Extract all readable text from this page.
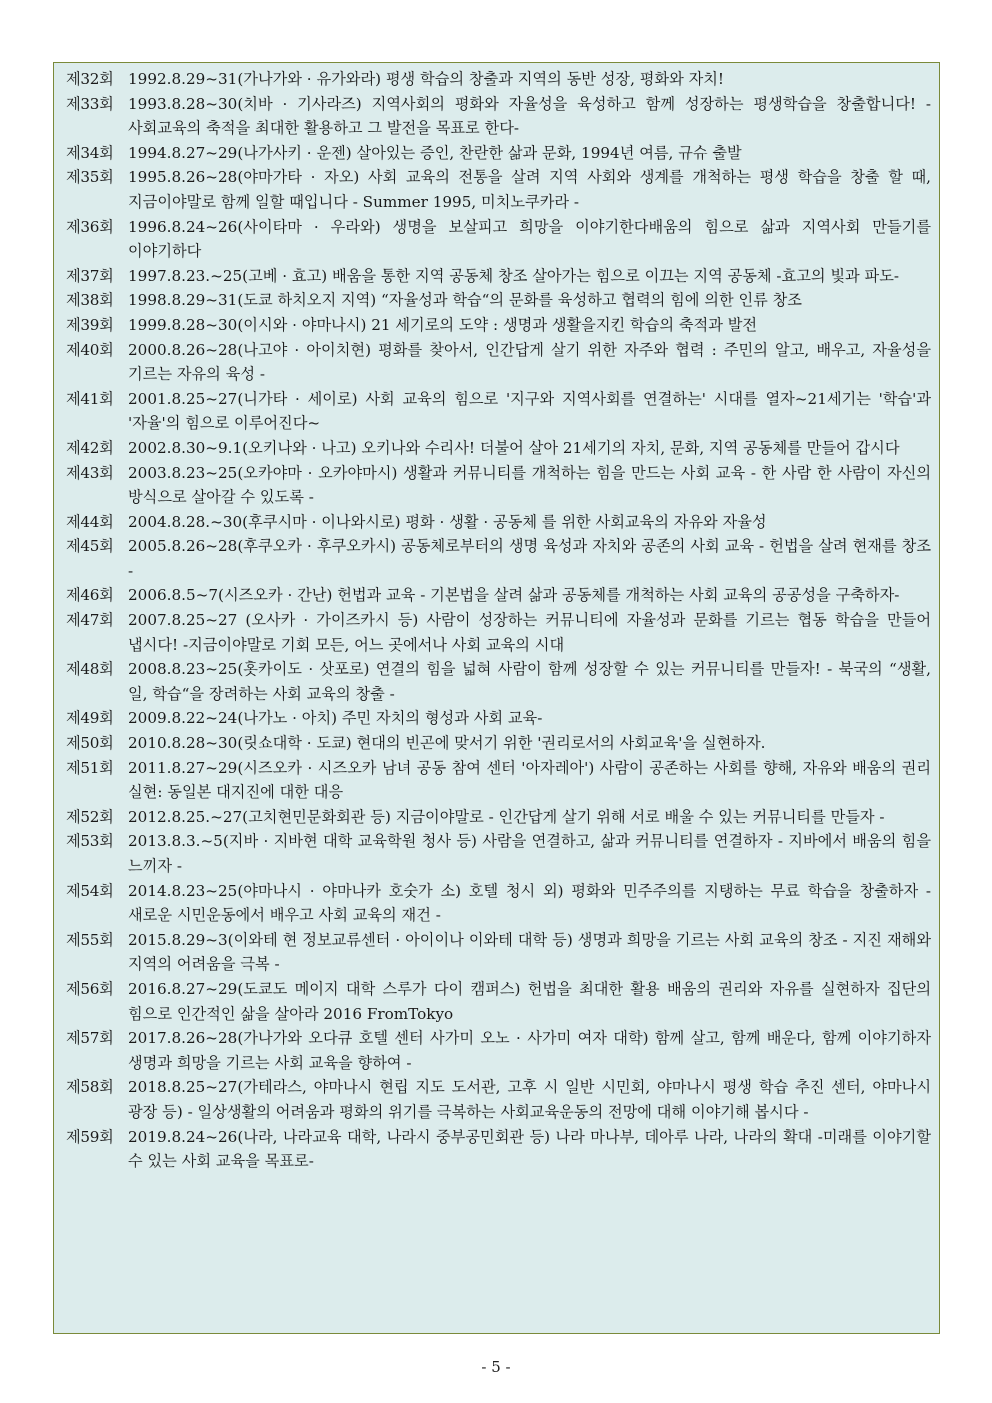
제32회 1992.8.29~31(가나가와 · 유가와라) 평생 학습의 창출과 지역의 동반 성장, 평화와 자치!
제33회 1993.8.28~30(치바 · 기사라즈) 지역사회의 평화와 자율성을 육성하고 함께 성장하는 평생학습을 창출합니다! -사회교육의 축적을 최대한 활용하고 그 발전을 목표로 한다-
제34회 1994.8.27~29(나가사키 · 운젠) 살아있는 증인, 찬란한 삶과 문화, 1994년 여름, 규슈 출발
제35회 1995.8.26~28(야마가타 · 자오) 사회 교육의 전통을 살려 지역 사회와 생계를 개척하는 평생 학습을 창출 할 때, 지금이야말로 함께 일할 때입니다 - Summer 1995, 미치노쿠카라 -
제36회 1996.8.24~26(사이타마 · 우라와) 생명을 보살피고 희망을 이야기한다배움의 힘으로 삶과 지역사회 만들기를 이야기하다
제37회 1997.8.23.~25(고베 · 효고) 배움을 통한 지역 공동체 창조 살아가는 힘으로 이끄는 지역 공동체 -효고의 빛과 파도-
제38회 1998.8.29~31(도쿄 하치오지 지역) “자율성과 학습“의 문화를 육성하고 협력의 힘에 의한 인류 창조
제39회 1999.8.28~30(이시와 · 야마나시) 21 세기로의 도약 : 생명과 생활을지킨 학습의 축적과 발전
제40회 2000.8.26~28(나고야 · 아이치현) 평화를 찾아서, 인간답게 살기 위한 자주와 협력 : 주민의 알고, 배우고, 자율성을 기르는 자유의 육성 -
제41회 2001.8.25~27(니가타 · 세이로) 사회 교육의 힘으로 '지구와 지역사회를 연결하는' 시대를 열자~21세기는 '학습'과 '자율'의 힘으로 이루어진다~
제42회 2002.8.30~9.1(오키나와 · 나고) 오키나와 수리사! 더불어 살아 21세기의 자치, 문화, 지역 공동체를 만들어 갑시다
제43회 2003.8.23~25(오카야마 · 오카야마시) 생활과 커뮤니티를 개척하는 힘을 만드는 사회 교육 - 한 사람 한 사람이 자신의 방식으로 살아갈 수 있도록 -
제44회 2004.8.28.~30(후쿠시마 · 이나와시로) 평화 · 생활 · 공동체 를 위한 사회교육의 자유와 자율성
제45회 2005.8.26~28(후쿠오카 · 후쿠오카시) 공동체로부터의 생명 육성과 자치와 공존의 사회 교육 - 헌법을 살려 현재를 창조 -
제46회 2006.8.5~7(시즈오카 · 간난) 헌법과 교육 - 기본법을 살려 삶과 공동체를 개척하는 사회 교육의 공공성을 구축하자-
제47회 2007.8.25~27 (오사카 · 가이즈카시 등) 사람이 성장하는 커뮤니티에 자율성과 문화를 기르는 협동 학습을 만들어 냅시다! -지금이야말로 기회 모든, 어느 곳에서나 사회 교육의 시대
제48회 2008.8.23~25(홋카이도 · 삿포로) 연결의 힘을 넓혀 사람이 함께 성장할 수 있는 커뮤니티를 만들자! - 북국의 “생활, 일, 학습“을 장려하는 사회 교육의 창출 -
제49회 2009.8.22~24(나가노 · 아치) 주민 자치의 형성과 사회 교육-
제50회 2010.8.28~30(릿쇼대학 · 도쿄) 현대의 빈곤에 맞서기 위한 '권리로서의 사회교육'을 실현하자.
제51회 2011.8.27~29(시즈오카 · 시즈오카 남녀 공동 참여 센터 '아자레아') 사람이 공존하는 사회를 향해, 자유와 배움의 권리 실현: 동일본 대지진에 대한 대응
제52회 2012.8.25.~27(고치현민문화회관 등) 지금이야말로 - 인간답게 살기 위해 서로 배울 수 있는 커뮤니티를 만들자 -
제53회 2013.8.3.~5(지바 · 지바현 대학 교육학원 청사 등) 사람을 연결하고, 삶과 커뮤니티를 연결하자 - 지바에서 배움의 힘을 느끼자 -
제54회 2014.8.23~25(야마나시 · 야마나카 호숫가 소) 호텔 청시 외) 평화와 민주주의를 지탱하는 무료 학습을 창출하자 - 새로운 시민운동에서 배우고 사회 교육의 재건 -
제55회 2015.8.29~3(이와테 현 정보교류센터 · 아이이나 이와테 대학 등) 생명과 희망을 기르는 사회 교육의 창조 - 지진 재해와 지역의 어려움을 극복 -
제56회 2016.8.27~29(도쿄도 메이지 대학 스루가 다이 캠퍼스) 헌법을 최대한 활용 배움의 권리와 자유를 실현하자 집단의 힘으로 인간적인 삶을 살아라 2016 FromTokyo
제57회 2017.8.26~28(가나가와 오다큐 호텔 센터 사가미 오노 · 사가미 여자 대학) 함께 살고, 함께 배운다, 함께 이야기하자 생명과 희망을 기르는 사회 교육을 향하여 -
제58회 2018.8.25~27(가테라스, 야마나시 현립 지도 도서관, 고후 시 일반 시민회, 야마나시 평생 학습 추진 센터, 야마나시 광장 등) - 일상생활의 어려움과 평화의 위기를 극복하는 사회교육운동의 전망에 대해 이야기해 봅시다 -
제59회 2019.8.24~26(나라, 나라교육 대학, 나라시 중부공민회관 등) 나라 마나부, 데아루 나라, 나라의 확대 -미래를 이야기할 수 있는 사회 교육을 목표로-
- 5 -
